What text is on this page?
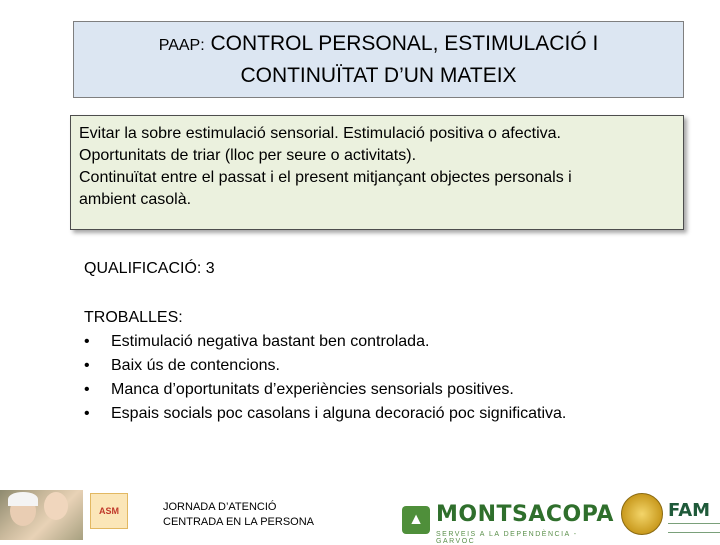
PAAP: CONTROL PERSONAL, ESTIMULACIÓ I
CONTINUÏTAT D’UN MATEIX
Evitar la sobre estimulació sensorial. Estimulació positiva o afectiva.
Oportunitats de triar (lloc per seure o activitats).
Continuïtat entre el passat i el present mitjançant objectes personals i
ambient casolà.
QUALIFICACIÓ: 3
TROBALLES:
•	Estimulació negativa bastant ben controlada.
•	Baix ús de contencions.
•	Manca d’oportunitats d’experiències sensorials positives.
•	Espais socials poc casolans i alguna decoració poc significativa.
ASM	JORNADA D’ATENCIÓ
CENTRADA EN LA PERSONA	▲ MONTSACOPA
SERVEIS A LA DEPENDÈNCIA - GARVOC
FAM
